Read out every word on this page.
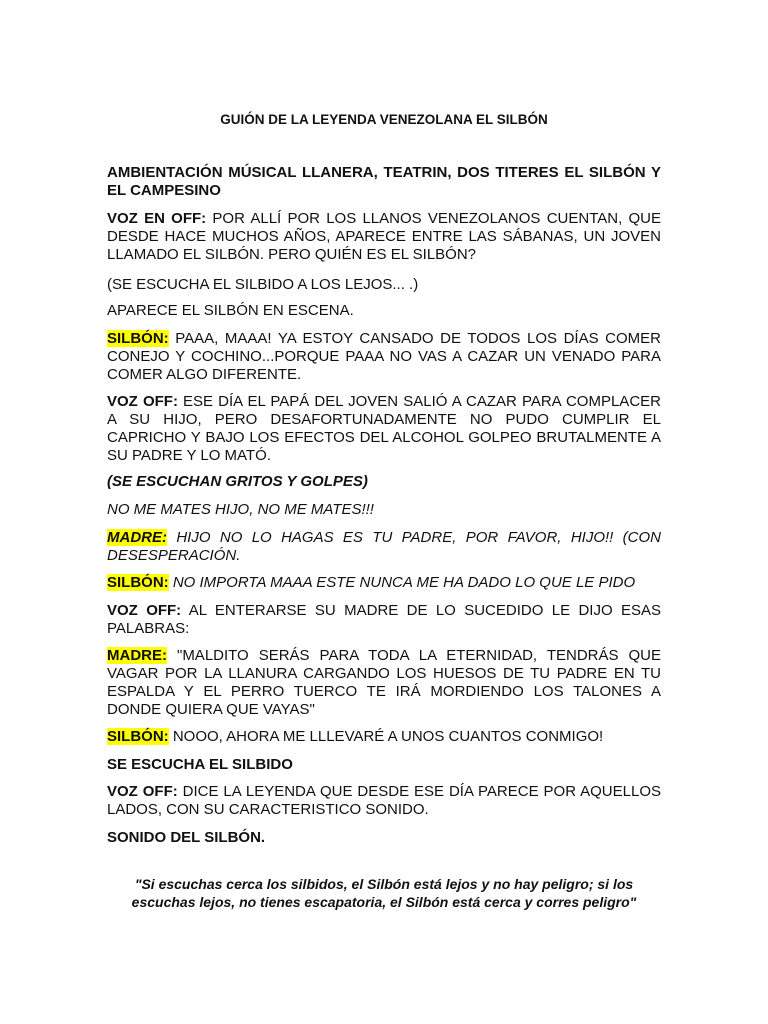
GUIÓN DE LA LEYENDA VENEZOLANA EL SILBÓN
AMBIENTACIÓN MÚSICAL LLANERA, TEATRIN, DOS TITERES EL SILBÓN Y EL CAMPESINO
VOZ EN OFF: POR ALLÍ POR LOS LLANOS VENEZOLANOS CUENTAN, QUE DESDE HACE MUCHOS AÑOS, APARECE ENTRE LAS SÁBANAS, UN JOVEN LLAMADO EL SILBÓN. PERO QUIÉN ES EL SILBÓN?
(SE ESCUCHA EL SILBIDO A LOS LEJOS... .)
APARECE EL SILBÓN EN ESCENA.
SILBÓN: PAAA, MAAA! YA ESTOY CANSADO DE TODOS LOS DÍAS COMER CONEJO Y COCHINO...PORQUE PAAA NO VAS A CAZAR UN VENADO PARA COMER ALGO DIFERENTE.
VOZ OFF: ESE DÍA EL PAPÁ DEL JOVEN SALIÓ A CAZAR PARA COMPLACER A SU HIJO, PERO DESAFORTUNADAMENTE NO PUDO CUMPLIR EL CAPRICHO Y BAJO LOS EFECTOS DEL ALCOHOL GOLPEO BRUTALMENTE A SU PADRE Y LO MATÓ.
(SE ESCUCHAN GRITOS Y GOLPES)
NO ME MATES HIJO, NO ME MATES!!!
MADRE: HIJO NO LO HAGAS ES TU PADRE, POR FAVOR, HIJO!! (CON DESESPERACIÓN.
SILBÓN: NO IMPORTA MAAA ESTE NUNCA ME HA DADO LO QUE LE PIDO
VOZ OFF: AL ENTERARSE SU MADRE DE LO SUCEDIDO LE DIJO ESAS PALABRAS:
MADRE: "MALDITO SERÁS PARA TODA LA ETERNIDAD, TENDRÁS QUE VAGAR POR LA LLANURA CARGANDO LOS HUESOS DE TU PADRE EN TU ESPALDA Y EL PERRO TUERCO TE IRÁ MORDIENDO LOS TALONES A DONDE QUIERA QUE VAYAS"
SILBÓN: NOOO, AHORA ME LLLEVARÉ A UNOS CUANTOS CONMIGO!
SE ESCUCHA EL SILBIDO
VOZ OFF: DICE LA LEYENDA QUE DESDE ESE DÍA PARECE POR AQUELLOS LADOS, CON SU CARACTERISTICO SONIDO.
SONIDO DEL SILBÓN.
"Si escuchas cerca los silbidos, el Silbón está lejos y no hay peligro; si los escuchas lejos, no tienes escapatoria, el Silbón está cerca y corres peligro"
